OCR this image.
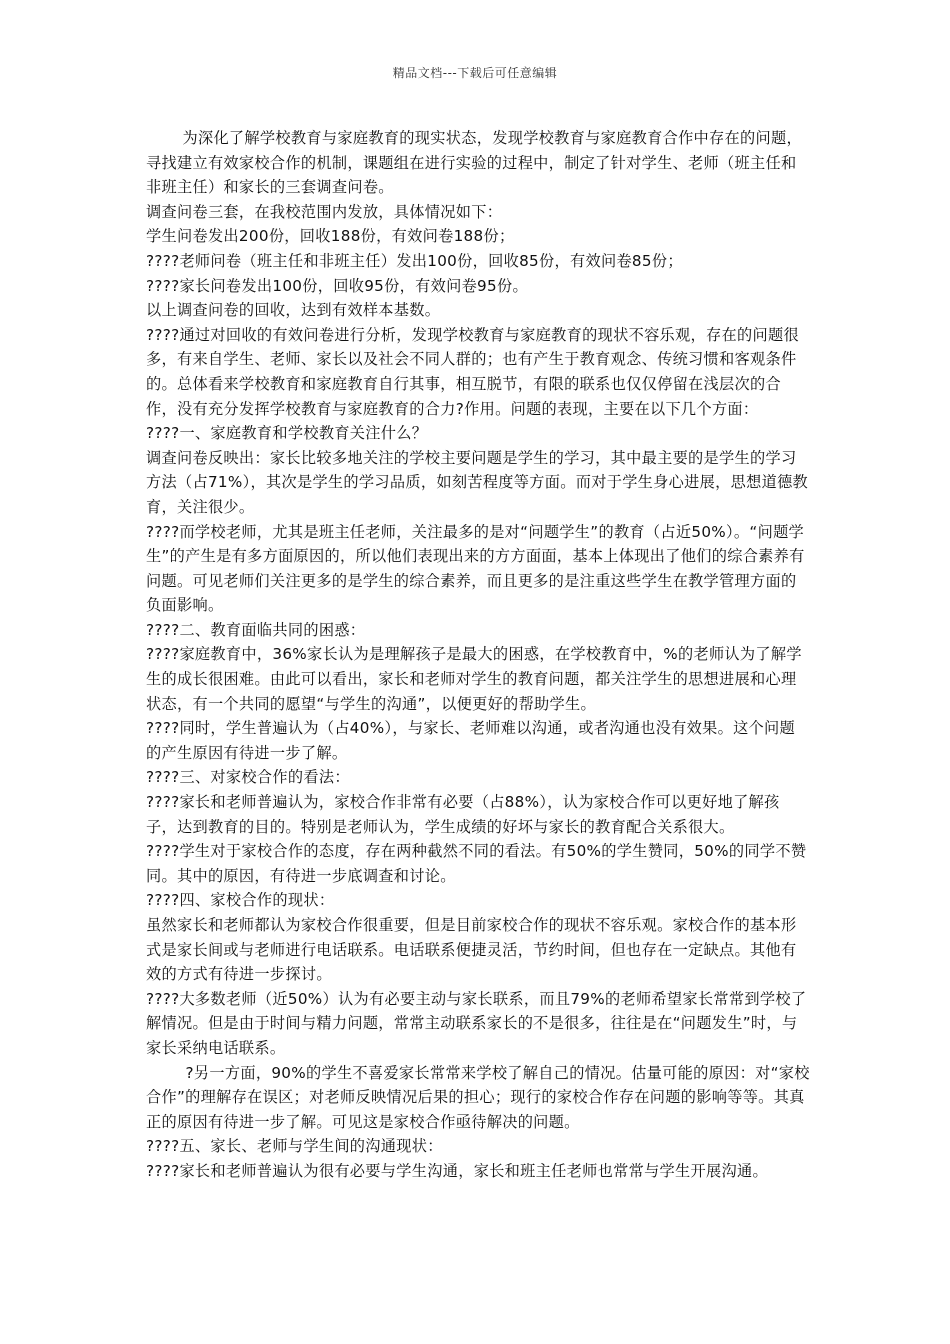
精品文档---下载后可任意编辑

为深化了解学校教育与家庭教育的现实状态，发现学校教育与家庭教育合作中存在的问题，寻找建立有效家校合作的机制，课题组在进行实验的过程中，制定了针对学生、老师（班主任和非班主任）和家长的三套调查问卷。

调查问卷三套，在我校范围内发放，具体情况如下：

学生问卷发出200份，回收188份，有效问卷188份；

????老师问卷（班主任和非班主任）发出100份，回收85份，有效问卷85份；

????家长问卷发出100份，回收95份，有效问卷95份。

以上调查问卷的回收，达到有效样本基数。

????通过对回收的有效问卷进行分析，发现学校教育与家庭教育的现状不容乐观，存在的问题很多，有来自学生、老师、家长以及社会不同人群的；也有产生于教育观念、传统习惯和客观条件的。总体看来学校教育和家庭教育自行其事，相互脱节，有限的联系也仅仅停留在浅层次的合作，没有充分发挥学校教育与家庭教育的合力?作用。问题的表现，主要在以下几个方面：

????一、家庭教育和学校教育关注什么？

调查问卷反映出：家长比较多地关注的学校主要问题是学生的学习，其中最主要的是学生的学习方法（占71%），其次是学生的学习品质，如刻苦程度等方面。而对于学生身心进展，思想道德教育，关注很少。

????而学校老师，尤其是班主任老师，关注最多的是对“问题学生”的教育（占近50%）。“问题学生”的产生是有多方面原因的，所以他们表现出来的方方面面，基本上体现出了他们的综合素养有问题。可见老师们关注更多的是学生的综合素养，而且更多的是注重这些学生在教学管理方面的负面影响。

????二、教育面临共同的困惑：

????家庭教育中，36%家长认为是理解孩子是最大的困惑，在学校教育中，%的老师认为了解学生的成长很困难。由此可以看出，家长和老师对学生的教育问题，都关注学生的思想进展和心理状态，有一个共同的愿望“与学生的沟通”，以便更好的帮助学生。

????同时，学生普遍认为（占40%），与家长、老师难以沟通，或者沟通也没有效果。这个问题的产生原因有待进一步了解。

????三、对家校合作的看法：

????家长和老师普遍认为，家校合作非常有必要（占88%），认为家校合作可以更好地了解孩子，达到教育的目的。特别是老师认为，学生成绩的好坏与家长的教育配合关系很大。

????学生对于家校合作的态度，存在两种截然不同的看法。有50%的学生赞同，50%的同学不赞同。其中的原因，有待进一步底调查和讨论。

????四、家校合作的现状：

虽然家长和老师都认为家校合作很重要，但是目前家校合作的现状不容乐观。家校合作的基本形式是家长间或与老师进行电话联系。电话联系便捷灵活，节约时间，但也存在一定缺点。其他有效的方式有待进一步探讨。

????大多数老师（近50%）认为有必要主动与家长联系，而且79%的老师希望家长常常到学校了解情况。但是由于时间与精力问题，常常主动联系家长的不是很多，往往是在“问题发生”时，与家长采纳电话联系。

?另一方面，90%的学生不喜爱家长常常来学校了解自己的情况。估量可能的原因：对“家校合作”的理解存在误区；对老师反映情况后果的担心；现行的家校合作存在问题的影响等等。其真正的原因有待进一步了解。可见这是家校合作亟待解决的问题。

????五、家长、老师与学生间的沟通现状：

????家长和老师普遍认为很有必要与学生沟通，家长和班主任老师也常常与学生开展沟通。
